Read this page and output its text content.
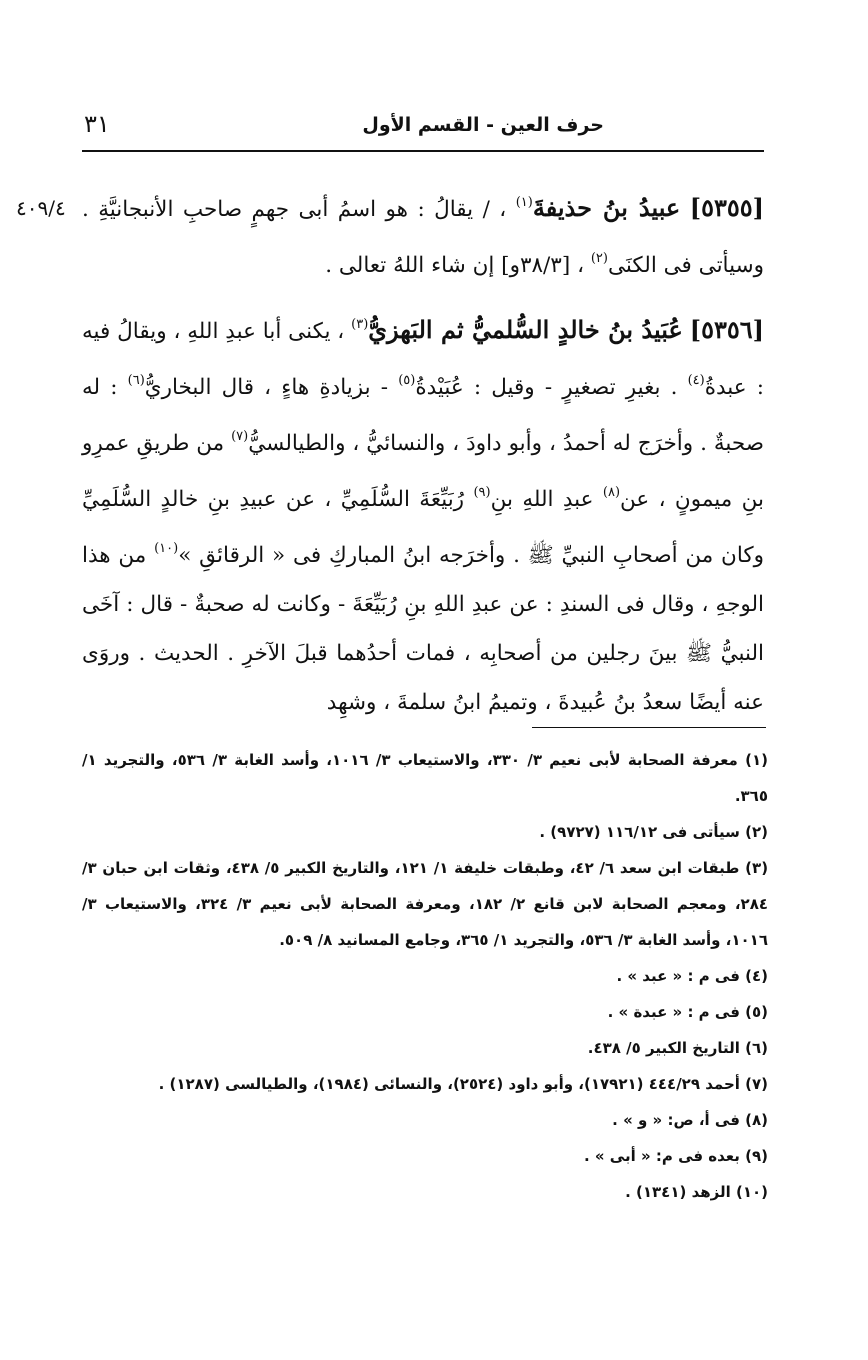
حرف العين - القسم الأول
٣١
٤٠٩/٤	[٥٣٥٥] عبيدُ بنُ حذيفةَ$^{(١)}$ ، / يقالُ : هو اسمُ أبى جهمٍ صاحبِ الأنبجانيَّةِ . وسيأتى فى الكنَى$^{(٢)}$ ، [٣٨/٣و] إن شاء اللهُ تعالى .

[٥٣٥٦] عُبَيدُ بنُ خالدٍ السُّلميُّ ثم البَهزيُّ$^{(٣)}$ ، يكنى أبا عبدِ اللهِ ، ويقالُ فيه : عبدةُ$^{(٤)}$ . بغيرِ تصغيرٍ - وقيل : عُبَيْدةُ$^{(٥)}$ - بزيادةِ هاءٍ ، قال البخاريُّ$^{(٦)}$ : له صحبةٌ . وأخرَج له أحمدُ ، وأبو داودَ ، والنسائيُّ ، والطيالسيُّ$^{(٧)}$ من طريقِ عمرِو بنِ ميمونٍ ، عن$^{(٨)}$ عبدِ اللهِ بنِ$^{(٩)}$ رُبَيِّعَةَ السُّلَمِيِّ ، عن عبيدِ بنِ خالدٍ السُّلَمِيِّ وكان من أصحابِ النبيِّ ﷺ . وأخرَجه ابنُ المباركِ فى « الرقائقِ »$^{(١٠)}$ من هذا الوجهِ ، وقال فى السندِ : عن عبدِ اللهِ بنِ رُبَيِّعَةَ - وكانت له صحبةٌ - قال : آخَى النبيُّ ﷺ بينَ رجلين من أصحابِه ، فمات أحدُهما قبلَ الآخرِ . الحديث . وروَى عنه أيضًا سعدُ بنُ عُبيدةَ ، وتميمُ ابنُ سلمةَ ، وشهِد

(١) معرفة الصحابة لأبى نعيم ٣/ ٣٣٠، والاستيعاب ٣/ ١٠١٦، وأسد الغابة ٣/ ٥٣٦، والتجريد ١/ ٣٦٥.

(٢) سيأتى فى ١١٦/١٢ (٩٧٢٧) .

(٣) طبقات ابن سعد ٦/ ٤٢، وطبقات خليفة ١/ ١٢١، والتاريخ الكبير ٥/ ٤٣٨، وثقات ابن حبان ٣/ ٢٨٤، ومعجم الصحابة لابن قانع ٢/ ١٨٢، ومعرفة الصحابة لأبى نعيم ٣/ ٣٢٤، والاستيعاب ٣/ ١٠١٦، وأسد الغابة ٣/ ٥٣٦، والتجريد ١/ ٣٦٥، وجامع المسانيد ٨/ ٥٠٩.

(٤) فى م : « عبد » .

(٥) فى م : « عبدة » .

(٦) التاريخ الكبير ٥/ ٤٣٨.

(٧) أحمد ٤٤٤/٢٩ (١٧٩٢١)، وأبو داود (٢٥٢٤)، والنسائى (١٩٨٤)، والطيالسى (١٢٨٧) .

(٨) فى أ، ص: « و » .

(٩) بعده فى م: « أبى » .

(١٠) الزهد (١٣٤١) .
